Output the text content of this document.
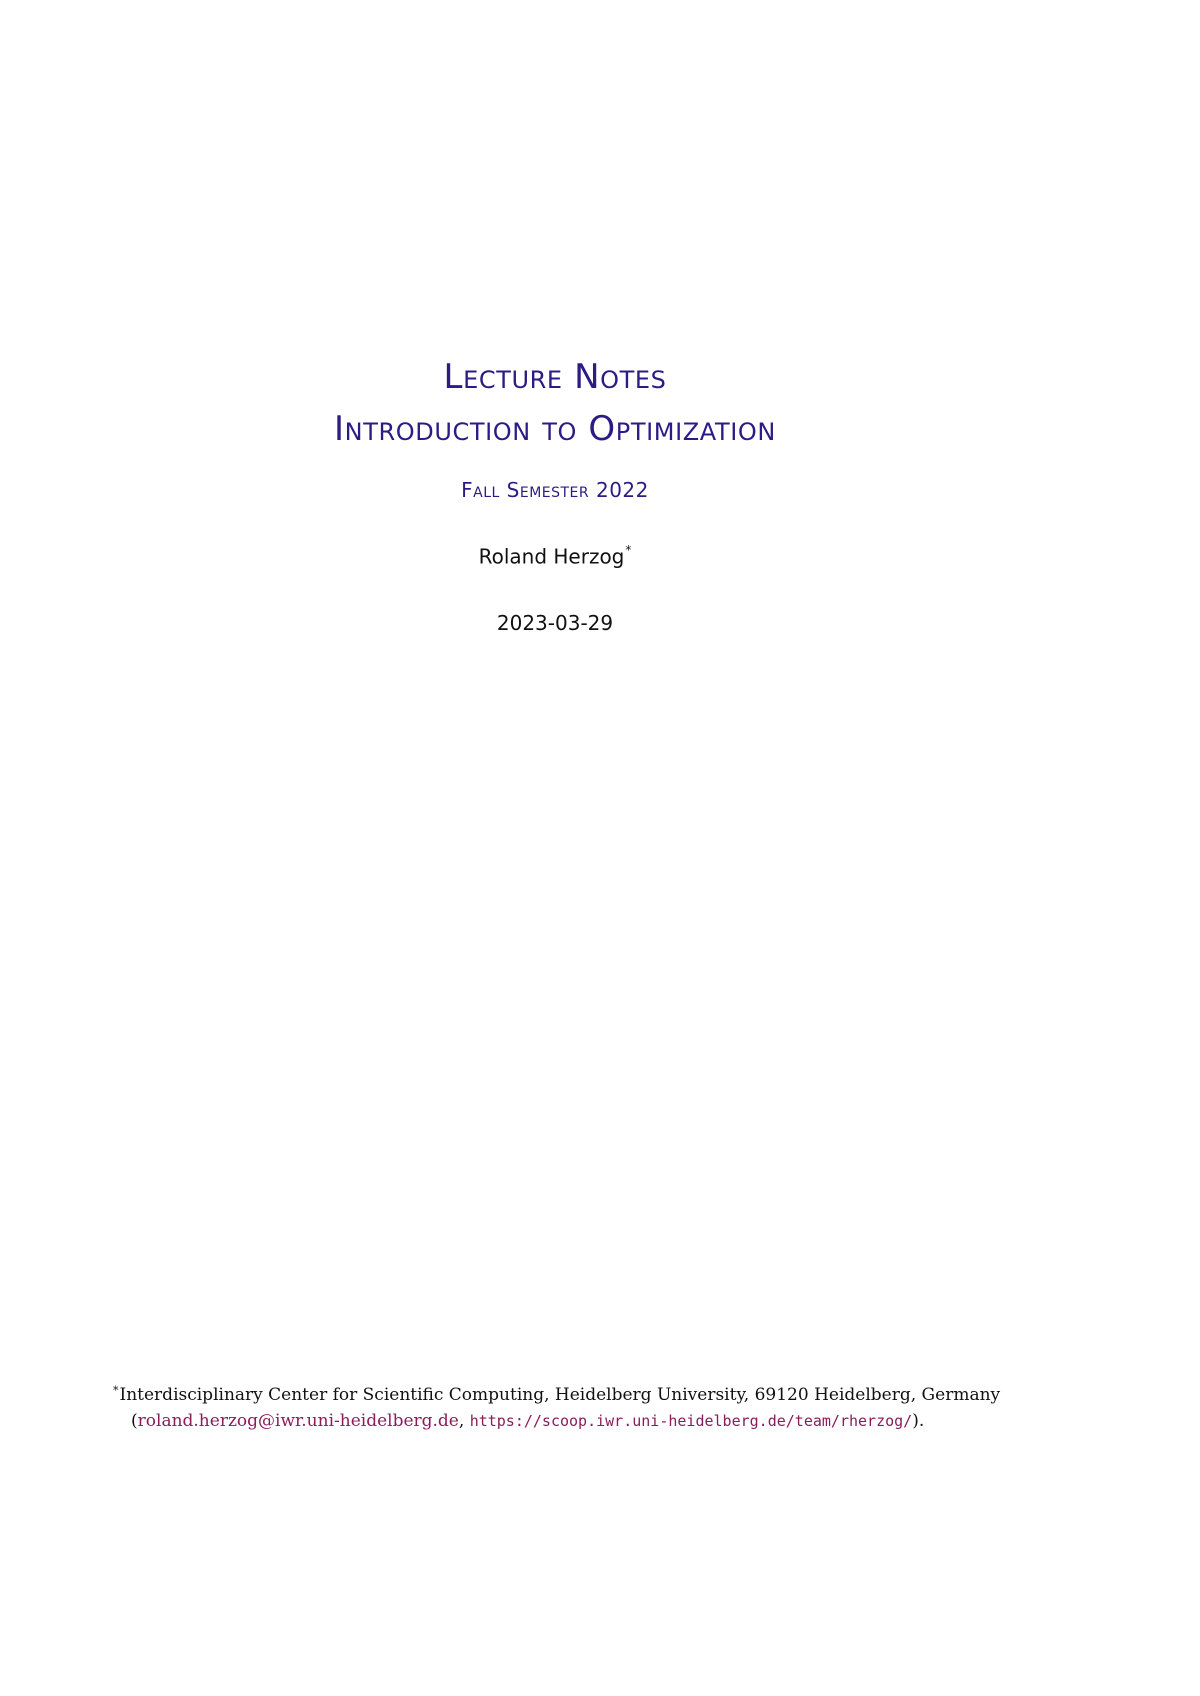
Lecture Notes
Introduction to Optimization
Fall Semester 2022
Roland Herzog*
2023-03-29
*Interdisciplinary Center for Scientific Computing, Heidelberg University, 69120 Heidelberg, Germany
(roland.herzog@iwr.uni-heidelberg.de, https://scoop.iwr.uni-heidelberg.de/team/rherzog/).
